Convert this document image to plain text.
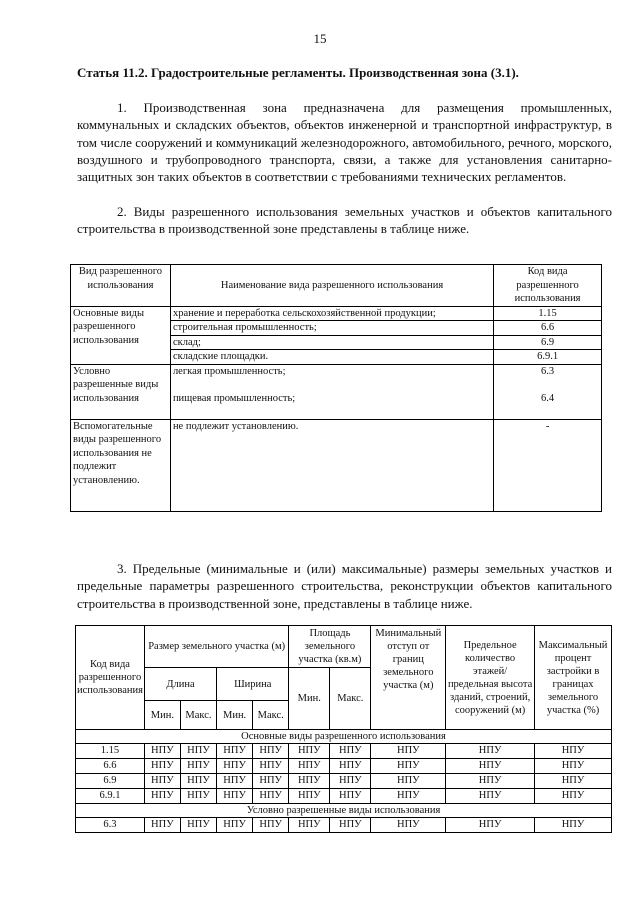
15
Статья 11.2. Градостроительные регламенты. Производственная зона (3.1).

1. Производственная зона предназначена для размещения промышленных, коммунальных и складских объектов, объектов инженерной и транспортной инфраструктур, в том числе сооружений и коммуникаций железнодорожного, автомобильного, речного, морского, воздушного и трубопроводного транспорта, связи, а также для установления санитарно-защитных зон таких объектов в соответствии с требованиями технических регламентов.

2. Виды разрешенного использования земельных участков и объектов капитального строительства в производственной зоне представлены в таблице ниже.

Вид разрешенного использования	Наименование вида разрешенного использования	Код вида разрешенного использования
Основные виды разрешенного использования	хранение и переработка сельскохозяйственной продукции;	1.15
	строительная промышленность;	6.6
	склад;	6.9
	складские площадки.	6.9.1
Условно разрешенные виды использования	легкая промышленность;	6.3
	пищевая промышленность;	6.4
Вспомогательные виды разрешенного использования не подлежит установлению.	не подлежит установлению.	-

3. Предельные (минимальные и (или) максимальные) размеры земельных участков и предельные параметры разрешенного строительства, реконструкции объектов капитального строительства в производственной зоне, представлены в таблице ниже.

Код вида разрешенного использования	Размер земельного участка (м)				Площадь земельного участка (кв.м)		Минимальный отступ от границ земельного участка (м)	Предельное количество этажей/ предельная высота зданий, строений, сооружений (м)	Максимальный процент застройки в границах земельного участка (%)
	Длина		Ширина		Мин.	Макс.			
	Мин.	Макс.	Мин.	Макс.					
Основные виды разрешенного использования									
1.15	НПУ	НПУ	НПУ	НПУ	НПУ	НПУ	НПУ	НПУ	НПУ
6.6	НПУ	НПУ	НПУ	НПУ	НПУ	НПУ	НПУ	НПУ	НПУ
6.9	НПУ	НПУ	НПУ	НПУ	НПУ	НПУ	НПУ	НПУ	НПУ
6.9.1	НПУ	НПУ	НПУ	НПУ	НПУ	НПУ	НПУ	НПУ	НПУ
Условно разрешенные виды использования									
6.3	НПУ	НПУ	НПУ	НПУ	НПУ	НПУ	НПУ	НПУ	НПУ
